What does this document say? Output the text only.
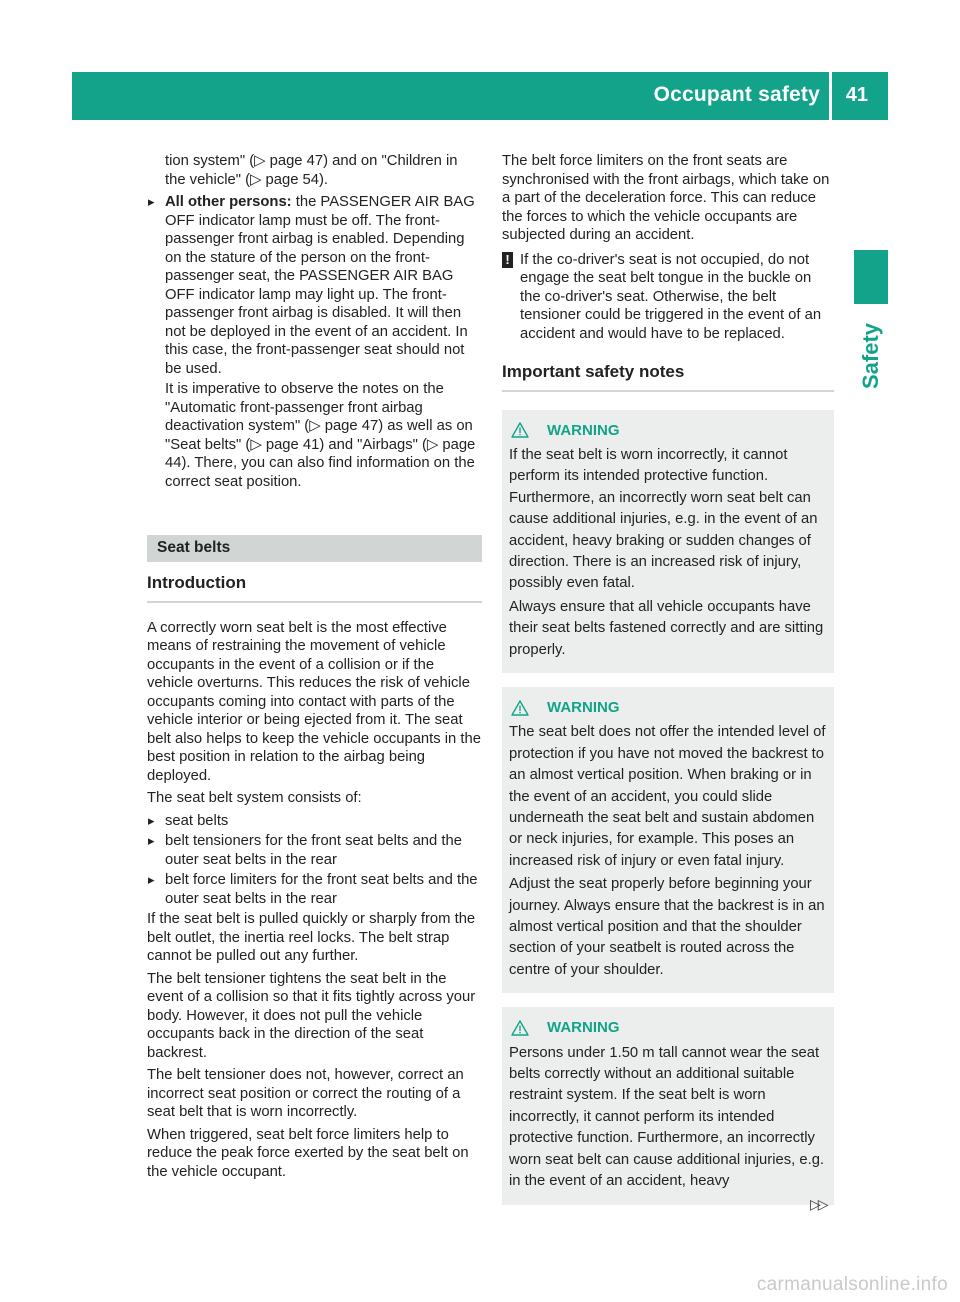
Occupant safety 41
Safety

tion system" (▷ page 47) and on "Children in the vehicle" (▷ page 54).

▸ All other persons: the PASSENGER AIR BAG OFF indicator lamp must be off. The front-passenger front airbag is enabled. Depending on the stature of the person on the front-passenger seat, the PASSENGER AIR BAG OFF indicator lamp may light up. The front-passenger front airbag is disabled. It will then not be deployed in the event of an accident. In this case, the front-passenger seat should not be used.

It is imperative to observe the notes on the "Automatic front-passenger front airbag deactivation system" (▷ page 47) as well as on "Seat belts" (▷ page 41) and "Airbags" (▷ page 44). There, you can also find information on the correct seat position.

Seat belts
Introduction

A correctly worn seat belt is the most effective means of restraining the movement of vehicle occupants in the event of a collision or if the vehicle overturns. This reduces the risk of vehicle occupants coming into contact with parts of the vehicle interior or being ejected from it. The seat belt also helps to keep the vehicle occupants in the best position in relation to the airbag being deployed.

The seat belt system consists of:

▸ seat belts
▸ belt tensioners for the front seat belts and the outer seat belts in the rear
▸ belt force limiters for the front seat belts and the outer seat belts in the rear

If the seat belt is pulled quickly or sharply from the belt outlet, the inertia reel locks. The belt strap cannot be pulled out any further.

The belt tensioner tightens the seat belt in the event of a collision so that it fits tightly across your body. However, it does not pull the vehicle occupants back in the direction of the seat backrest.

The belt tensioner does not, however, correct an incorrect seat position or correct the routing of a seat belt that is worn incorrectly.

When triggered, seat belt force limiters help to reduce the peak force exerted by the seat belt on the vehicle occupant.

The belt force limiters on the front seats are synchronised with the front airbags, which take on a part of the deceleration force. This can reduce the forces to which the vehicle occupants are subjected during an accident.

! If the co-driver's seat is not occupied, do not engage the seat belt tongue in the buckle on the co-driver's seat. Otherwise, the belt tensioner could be triggered in the event of an accident and would have to be replaced.
Important safety notes
WARNING

If the seat belt is worn incorrectly, it cannot perform its intended protective function. Furthermore, an incorrectly worn seat belt can cause additional injuries, e.g. in the event of an accident, heavy braking or sudden changes of direction. There is an increased risk of injury, possibly even fatal.

Always ensure that all vehicle occupants have their seat belts fastened correctly and are sitting properly.

WARNING

The seat belt does not offer the intended level of protection if you have not moved the backrest to an almost vertical position. When braking or in the event of an accident, you could slide underneath the seat belt and sustain abdomen or neck injuries, for example. This poses an increased risk of injury or even fatal injury.

Adjust the seat properly before beginning your journey. Always ensure that the backrest is in an almost vertical position and that the shoulder section of your seatbelt is routed across the centre of your shoulder.

WARNING

Persons under 1.50 m tall cannot wear the seat belts correctly without an additional suitable restraint system. If the seat belt is worn incorrectly, it cannot perform its intended protective function. Furthermore, an incorrectly worn seat belt can cause additional injuries, e.g. in the event of an accident, heavy

▷▷
carmanualsonline.info
